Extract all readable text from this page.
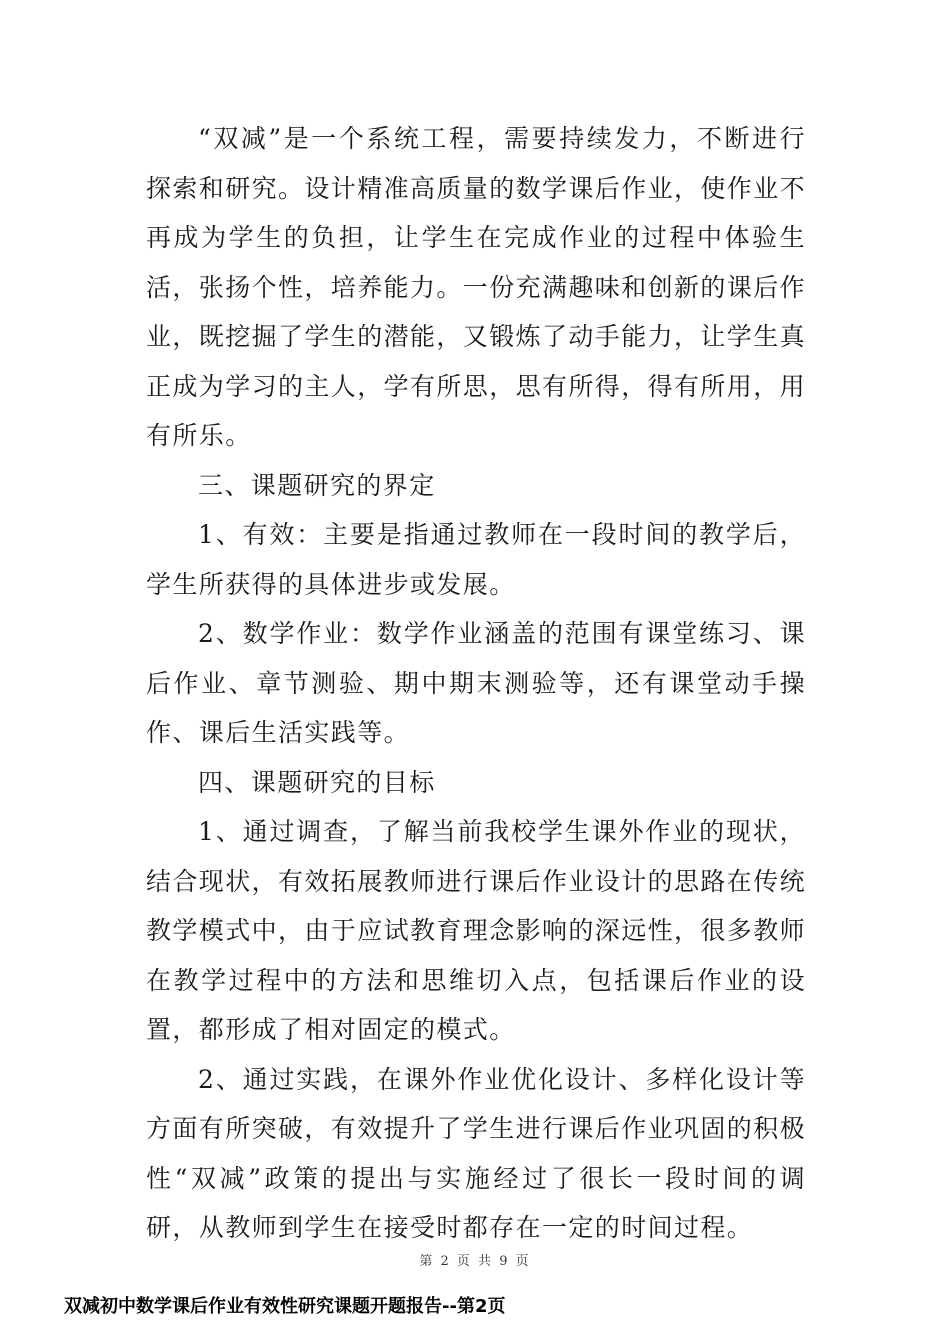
“双减”是一个系统工程，需要持续发力，不断进行探索和研究。设计精准高质量的数学课后作业，使作业不再成为学生的负担，让学生在完成作业的过程中体验生活，张扬个性，培养能力。一份充满趣味和创新的课后作业，既挖掘了学生的潜能，又锻炼了动手能力，让学生真正成为学习的主人，学有所思，思有所得，得有所用，用有所乐。

三、课题研究的界定

1、有效：主要是指通过教师在一段时间的教学后， 学生所获得的具体进步或发展。

2、数学作业：数学作业涵盖的范围有课堂练习、课后作业、章节测验、期中期末测验等，还有课堂动手操作、课后生活实践等。

四、课题研究的目标

1、通过调查，了解当前我校学生课外作业的现状，结合现状，有效拓展教师进行课后作业设计的思路在传统教学模式中，由于应试教育理念影响的深远性，很多教师在教学过程中的方法和思维切入点，包括课后作业的设置，都形成了相对固定的模式。

2、通过实践，在课外作业优化设计、多样化设计等方面有所突破，有效提升了学生进行课后作业巩固的积极性“双减”政策的提出与实施经过了很长一段时间的调研，从教师到学生在接受时都存在一定的时间过程。

第 2 页 共 9 页
双减初中数学课后作业有效性研究课题开题报告--第2页
